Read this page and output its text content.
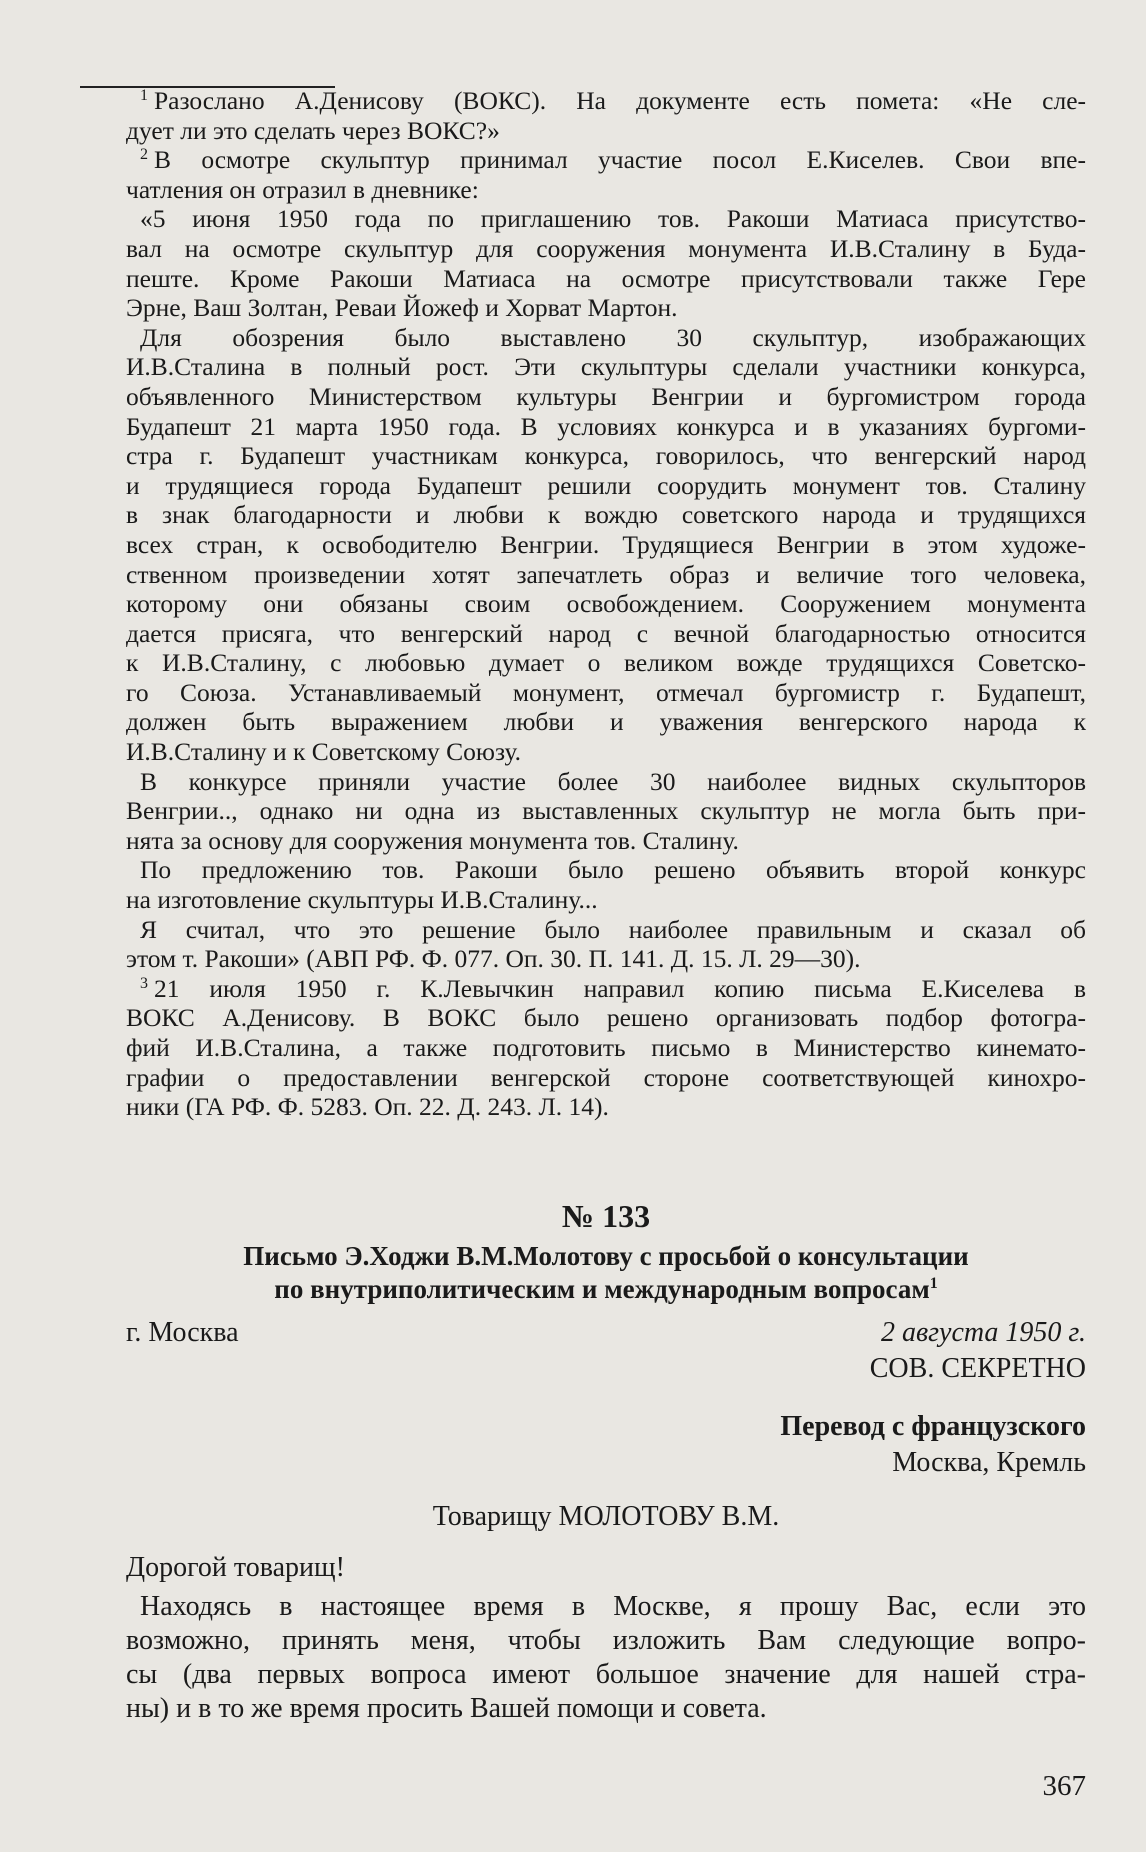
$^1$ Разослано А.Денисову (ВОКС). На документе есть помета: «Не сле-

дует ли это сделать через ВОКС?»

$^2$ В осмотре скульптур принимал участие посол Е.Киселев. Свои впе-

чатления он отразил в дневнике:

«5 июня 1950 года по приглашению тов. Ракоши Матиаса присутство-

вал на осмотре скульптур для сооружения монумента И.В.Сталину в Буда-

пеште. Кроме Ракоши Матиаса на осмотре присутствовали также Гере

Эрне, Ваш Золтан, Реваи Йожеф и Хорват Мартон.

Для обозрения было выставлено 30 скульптур, изображающих

И.В.Сталина в полный рост. Эти скульптуры сделали участники конкурса,

объявленного Министерством культуры Венгрии и бургомистром города

Будапешт 21 марта 1950 года. В условиях конкурса и в указаниях бургоми-

стра г. Будапешт участникам конкурса, говорилось, что венгерский народ

и трудящиеся города Будапешт решили соорудить монумент тов. Сталину

в знак благодарности и любви к вождю советского народа и трудящихся

всех стран, к освободителю Венгрии. Трудящиеся Венгрии в этом художе-

ственном произведении хотят запечатлеть образ и величие того человека,

которому они обязаны своим освобождением. Сооружением монумента

дается присяга, что венгерский народ с вечной благодарностью относится

к И.В.Сталину, с любовью думает о великом вожде трудящихся Советско-

го Союза. Устанавливаемый монумент, отмечал бургомистр г. Будапешт,

должен быть выражением любви и уважения венгерского народа к

И.В.Сталину и к Советскому Союзу.

В конкурсе приняли участие более 30 наиболее видных скульпторов

Венгрии.., однако ни одна из выставленных скульптур не могла быть при-

нята за основу для сооружения монумента тов. Сталину.

По предложению тов. Ракоши было решено объявить второй конкурс

на изготовление скульптуры И.В.Сталину...

Я считал, что это решение было наиболее правильным и сказал об

этом т. Ракоши» (АВП РФ. Ф. 077. Оп. 30. П. 141. Д. 15. Л. 29—30).

$^3$ 21 июля 1950 г. К.Левычкин направил копию письма Е.Киселева в

ВОКС А.Денисову. В ВОКС было решено организовать подбор фотогра-

фий И.В.Сталина, а также подготовить письмо в Министерство кинемато-

графии о предоставлении венгерской стороне соответствующей кинохро-

ники (ГА РФ. Ф. 5283. Оп. 22. Д. 243. Л. 14).

№ 133

Письмо Э.Ходжи В.М.Молотову с просьбой о консультации

по внутриполитическим и международным вопросам$^1$

г. Москва	2 августа 1950 г.
СОВ. СЕКРЕТНО
Перевод с французского
Москва, Кремль
Товарищу МОЛОТОВУ В.М.
Дорогой товарищ!

Находясь в настоящее время в Москве, я прошу Вас, если это

возможно, принять меня, чтобы изложить Вам следующие вопро-

сы (два первых вопроса имеют большое значение для нашей стра-

ны) и в то же время просить Вашей помощи и совета.

367
